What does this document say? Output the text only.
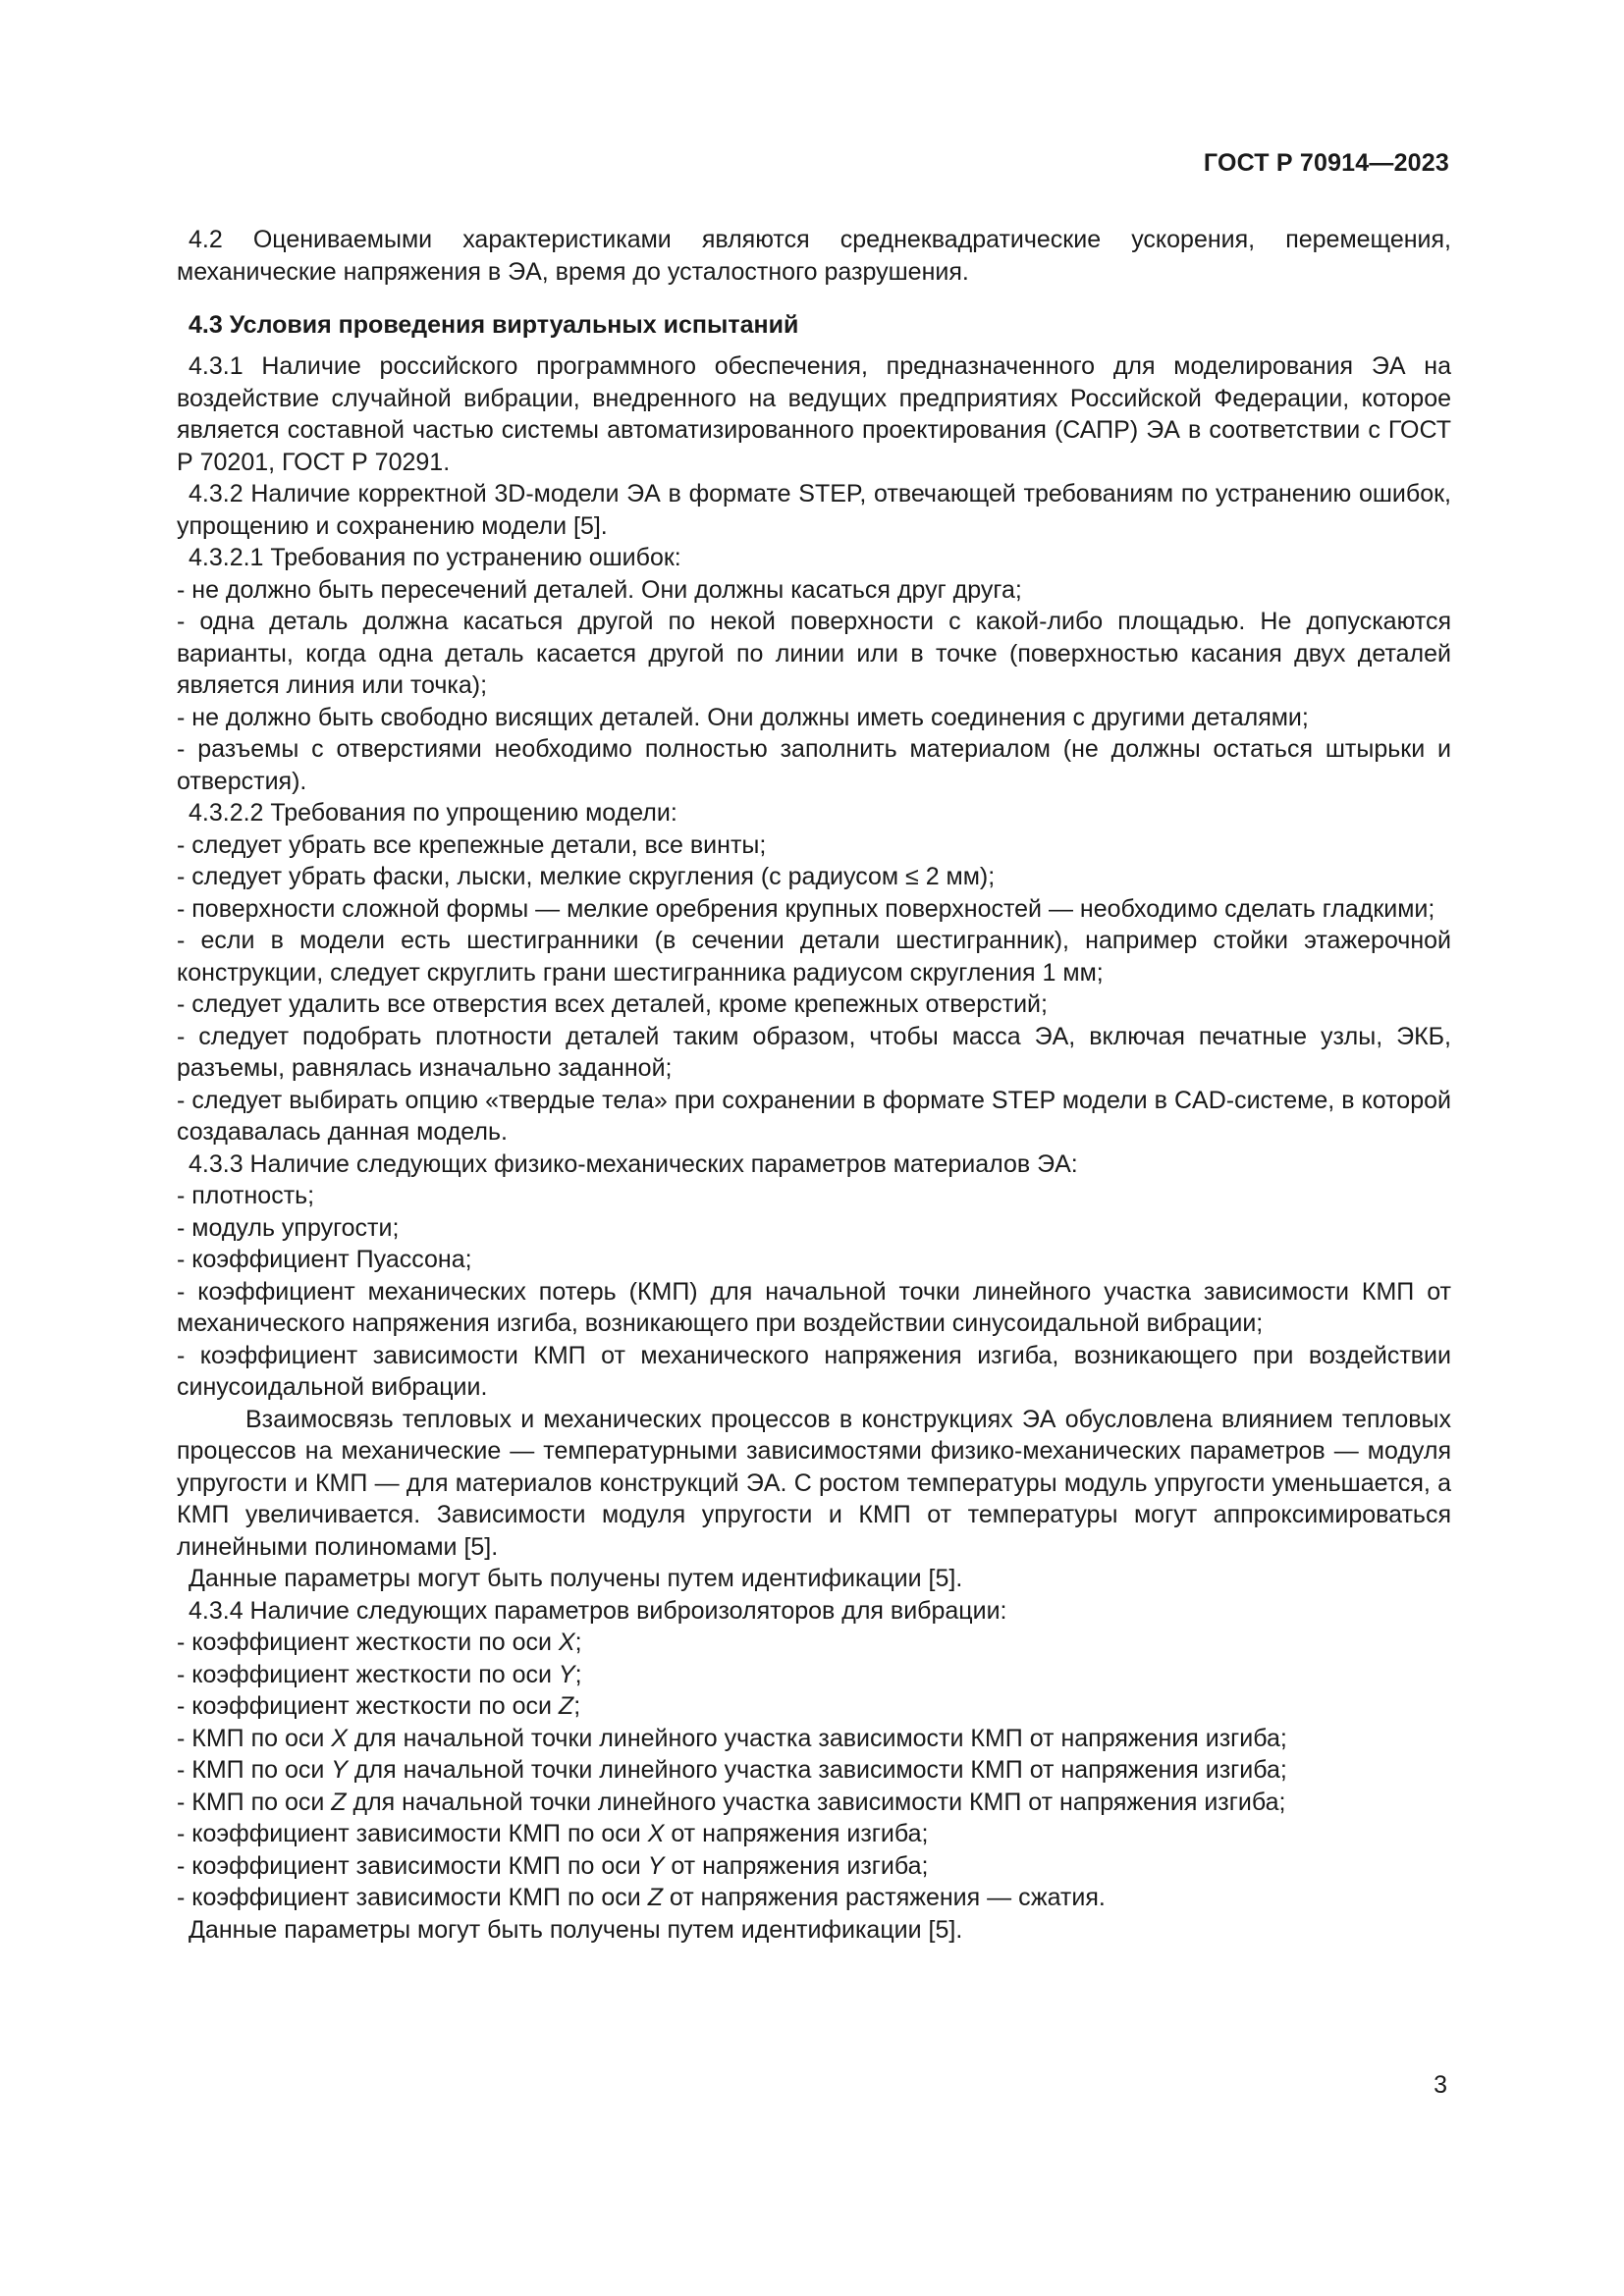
ГОСТ Р 70914—2023

4.2 Оцениваемыми характеристиками являются среднеквадратические ускорения, перемещения, механические напряжения в ЭА, время до усталостного разрушения.

4.3 Условия проведения виртуальных испытаний

4.3.1 Наличие российского программного обеспечения, предназначенного для моделирования ЭА на воздействие случайной вибрации, внедренного на ведущих предприятиях Российской Федерации, которое является составной частью системы автоматизированного проектирования (САПР) ЭА в соответствии с ГОСТ Р 70201, ГОСТ Р 70291.

4.3.2 Наличие корректной 3D-модели ЭА в формате STEP, отвечающей требованиям по устранению ошибок, упрощению и сохранению модели [5].

4.3.2.1 Требования по устранению ошибок:

- не должно быть пересечений деталей. Они должны касаться друг друга;

- одна деталь должна касаться другой по некой поверхности с какой-либо площадью. Не допускаются варианты, когда одна деталь касается другой по линии или в точке (поверхностью касания двух деталей является линия или точка);

- не должно быть свободно висящих деталей. Они должны иметь соединения с другими деталями;

- разъемы с отверстиями необходимо полностью заполнить материалом (не должны остаться штырьки и отверстия).

4.3.2.2 Требования по упрощению модели:

- следует убрать все крепежные детали, все винты;

- следует убрать фаски, лыски, мелкие скругления (с радиусом ≤ 2 мм);

- поверхности сложной формы — мелкие оребрения крупных поверхностей — необходимо сделать гладкими;

- если в модели есть шестигранники (в сечении детали шестигранник), например стойки этажерочной конструкции, следует скруглить грани шестигранника радиусом скругления 1 мм;

- следует удалить все отверстия всех деталей, кроме крепежных отверстий;

- следует подобрать плотности деталей таким образом, чтобы масса ЭА, включая печатные узлы, ЭКБ, разъемы, равнялась изначально заданной;

- следует выбирать опцию «твердые тела» при сохранении в формате STEP модели в CAD-системе, в которой создавалась данная модель.

4.3.3 Наличие следующих физико-механических параметров материалов ЭА:

- плотность;

- модуль упругости;

- коэффициент Пуассона;

- коэффициент механических потерь (КМП) для начальной точки линейного участка зависимости КМП от механического напряжения изгиба, возникающего при воздействии синусоидальной вибрации;

- коэффициент зависимости КМП от механического напряжения изгиба, возникающего при воздействии синусоидальной вибрации.

Взаимосвязь тепловых и механических процессов в конструкциях ЭА обусловлена влиянием тепловых процессов на механические — температурными зависимостями физико-механических параметров — модуля упругости и КМП — для материалов конструкций ЭА. С ростом температуры модуль упругости уменьшается, а КМП увеличивается. Зависимости модуля упругости и КМП от температуры могут аппроксимироваться линейными полиномами [5].

Данные параметры могут быть получены путем идентификации [5].

4.3.4 Наличие следующих параметров виброизоляторов для вибрации:

- коэффициент жесткости по оси X;

- коэффициент жесткости по оси Y;

- коэффициент жесткости по оси Z;

- КМП по оси X для начальной точки линейного участка зависимости КМП от напряжения изгиба;

- КМП по оси Y для начальной точки линейного участка зависимости КМП от напряжения изгиба;

- КМП по оси Z для начальной точки линейного участка зависимости КМП от напряжения изгиба;

- коэффициент зависимости КМП по оси X от напряжения изгиба;

- коэффициент зависимости КМП по оси Y от напряжения изгиба;

- коэффициент зависимости КМП по оси Z от напряжения растяжения — сжатия.

Данные параметры могут быть получены путем идентификации [5].

3
